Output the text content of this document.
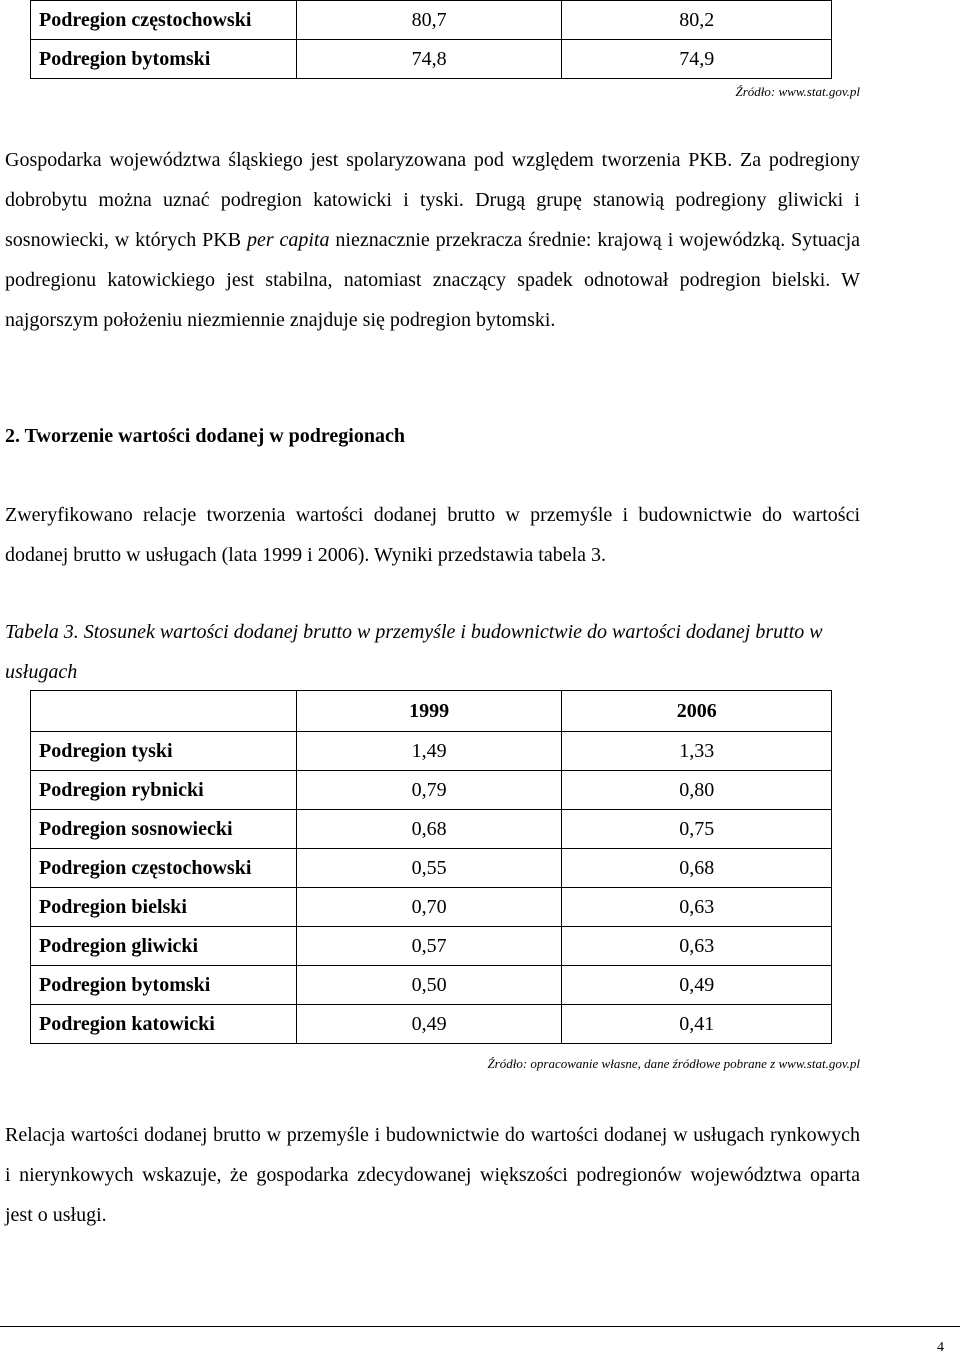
Podregion częstochowski	80,7	80,2
Podregion bytomski	74,8	74,9
Źródło: www.stat.gov.pl

Gospodarka województwa śląskiego jest spolaryzowana pod względem tworzenia PKB. Za podregiony dobrobytu można uznać podregion katowicki i tyski. Drugą grupę stanowią podregiony gliwicki i sosnowiecki, w których PKB per capita nieznacznie przekracza średnie: krajową i wojewódzką. Sytuacja podregionu katowickiego jest stabilna, natomiast znaczący spadek odnotował podregion bielski. W najgorszym położeniu niezmiennie znajduje się podregion bytomski.

2. Tworzenie wartości dodanej w podregionach

Zweryfikowano relacje tworzenia wartości dodanej brutto w przemyśle i budownictwie do wartości dodanej brutto w usługach (lata 1999 i 2006). Wyniki przedstawia tabela 3.

Tabela 3. Stosunek wartości dodanej brutto w przemyśle i budownictwie do wartości dodanej brutto w usługach

	1999	2006
Podregion tyski	1,49	1,33
Podregion rybnicki	0,79	0,80
Podregion sosnowiecki	0,68	0,75
Podregion częstochowski	0,55	0,68
Podregion bielski	0,70	0,63
Podregion gliwicki	0,57	0,63
Podregion bytomski	0,50	0,49
Podregion katowicki	0,49	0,41
Źródło: opracowanie własne, dane źródłowe pobrane z www.stat.gov.pl

Relacja wartości dodanej brutto w przemyśle i budownictwie do wartości dodanej w usługach rynkowych i nierynkowych wskazuje, że gospodarka zdecydowanej większości podregionów województwa oparta jest o usługi.

4
